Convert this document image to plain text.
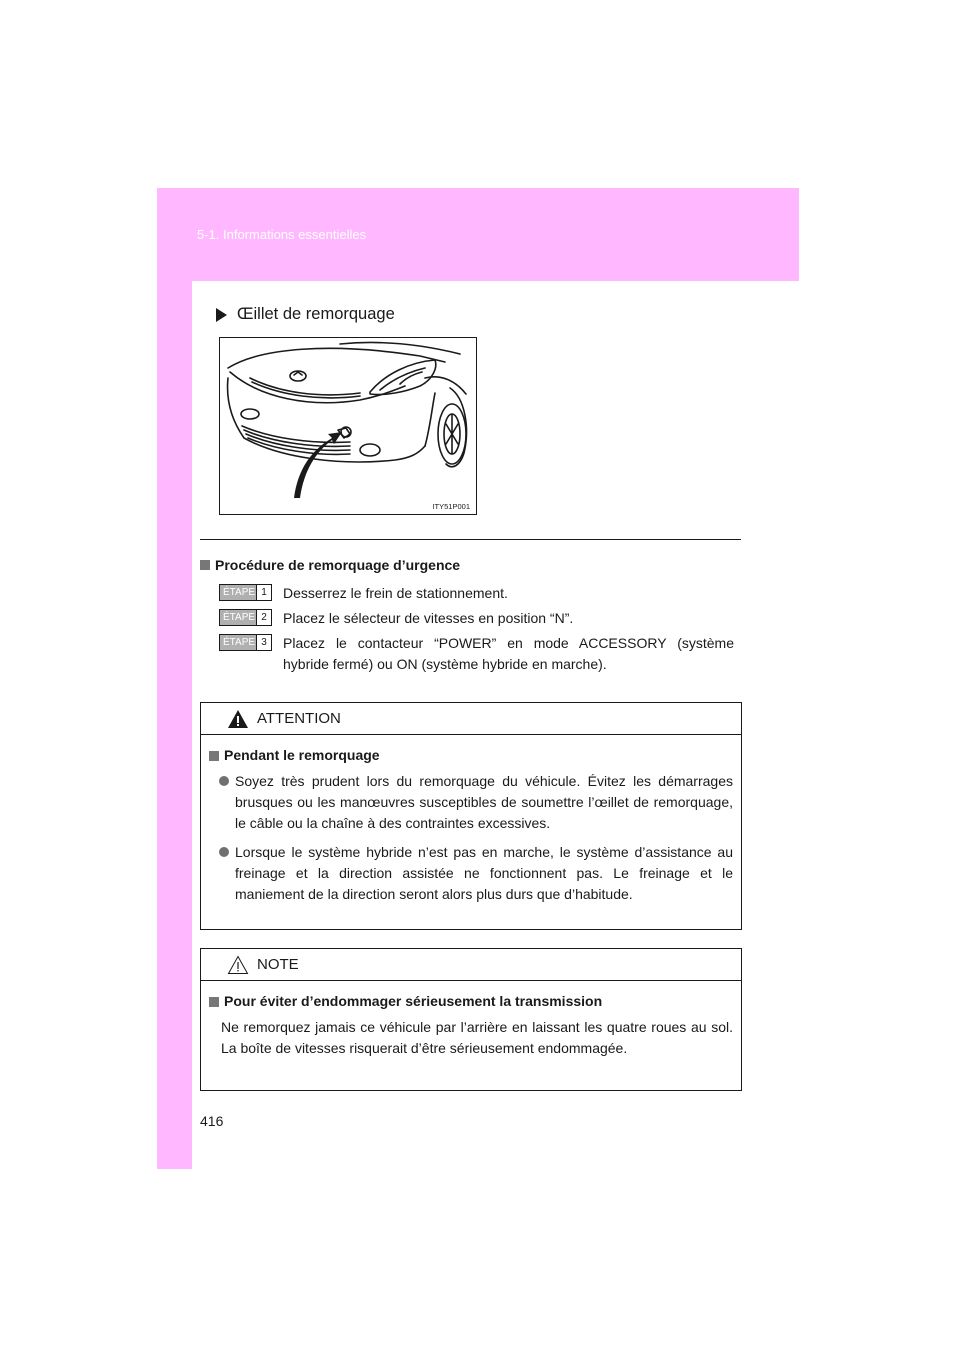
5-1. Informations essentielles
Œillet de remorquage
ITY51P001
Procédure de remorquage d’urgence
ÉTAPE 1	Desserrez le frein de stationnement.
ÉTAPE 2	Placez le sélecteur de vitesses en position “N”.
ÉTAPE 3	Placez le contacteur “POWER” en mode ACCESSORY (système hybride fermé) ou ON (système hybride en marche).
ATTENTION
Pendant le remorquage
Soyez très prudent lors du remorquage du véhicule. Évitez les démarrages brusques ou les manœuvres susceptibles de soumettre l’œillet de remorquage, le câble ou la chaîne à des contraintes excessives.
Lorsque le système hybride n’est pas en marche, le système d’assistance au freinage et la direction assistée ne fonctionnent pas. Le freinage et le maniement de la direction seront alors plus durs que d’habitude.
NOTE
Pour éviter d’endommager sérieusement la transmission
Ne remorquez jamais ce véhicule par l’arrière en laissant les quatre roues au sol. La boîte de vitesses risquerait d’être sérieusement endommagée.
416
